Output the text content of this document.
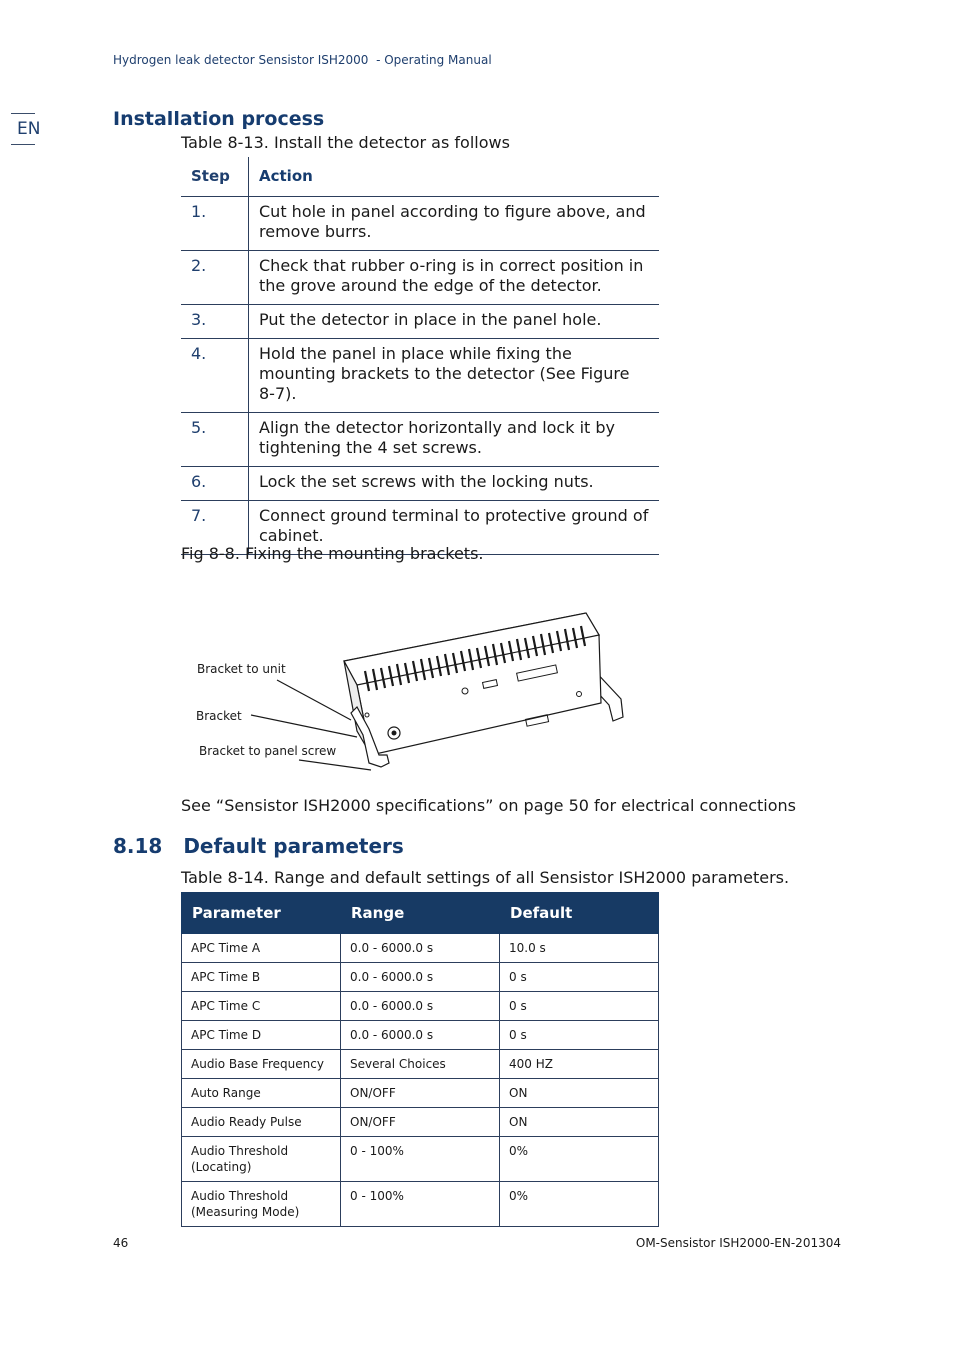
Hydrogen leak detector Sensistor ISH2000  - Operating Manual
EN	Installation process
Table 8-13. Install the detector as follows
Step	Action
1.	Cut hole in panel according to figure above, and remove burrs.
2.	Check that rubber o-ring is in correct position in the grove around the edge of the detector.
3.	Put the detector in place in the panel hole.
4.	Hold the panel in place while fixing the mounting brackets to the detector (See Figure 8-7).
5.	Align the detector horizontally and lock it by tightening the 4 set screws.
6.	Lock the set screws with the locking nuts.
7.	Connect ground terminal to protective ground of cabinet.
Fig 8-8. Fixing the mounting brackets.
Bracket to unit
Bracket
Bracket to panel screw
See “Sensistor ISH2000 specifications” on page 50 for electrical connections
8.18 Default parameters
Table 8-14. Range and default settings of all Sensistor ISH2000 parameters.
Parameter	Range	Default
APC Time A	0.0 - 6000.0 s	10.0 s
APC Time B	0.0 - 6000.0 s	0 s
APC Time C	0.0 - 6000.0 s	0 s
APC Time D	0.0 - 6000.0 s	0 s
Audio Base Frequency	Several Choices	400 HZ
Auto Range	ON/OFF	ON
Audio Ready Pulse	ON/OFF	ON
Audio Threshold (Locating)	0 - 100%	0%
Audio Threshold (Measuring Mode)	0 - 100%	0%
46	OM-Sensistor ISH2000-EN-201304
